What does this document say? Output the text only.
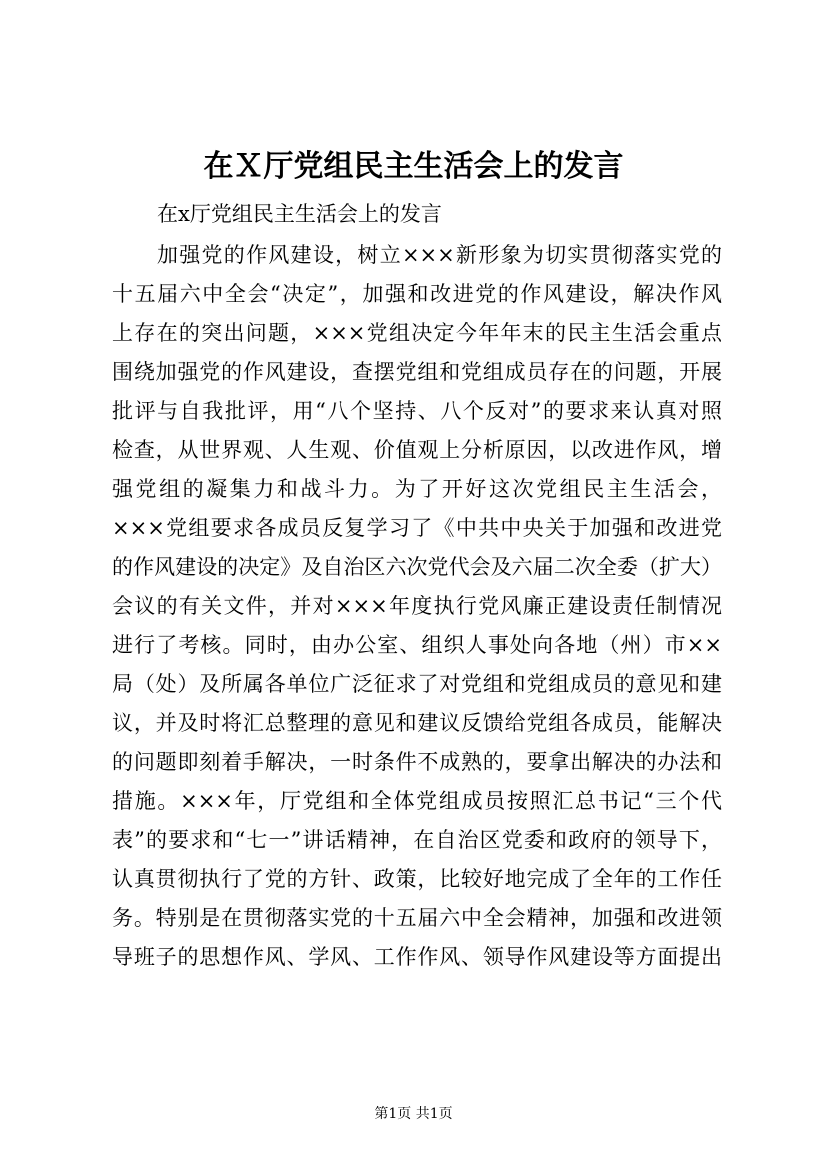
在Ｘ厅党组民主生活会上的发言

在x厅党组民主生活会上的发言

加强党的作风建设，树立×××新形象为切实贯彻落实党的
十五届六中全会“决定”，加强和改进党的作风建设，解决作风
上存在的突出问题，×××党组决定今年年末的民主生活会重点
围绕加强党的作风建设，查摆党组和党组成员存在的问题，开展
批评与自我批评，用“八个坚持、八个反对”的要求来认真对照
检查，从世界观、人生观、价值观上分析原因，以改进作风，增
强党组的凝集力和战斗力。为了开好这次党组民主生活会，
×××党组要求各成员反复学习了《中共中央关于加强和改进党
的作风建设的决定》及自治区六次党代会及六届二次全委（扩大）
会议的有关文件，并对×××年度执行党风廉正建设责任制情况
进行了考核。同时，由办公室、组织人事处向各地（州）市××
局（处）及所属各单位广泛征求了对党组和党组成员的意见和建
议，并及时将汇总整理的意见和建议反馈给党组各成员，能解决
的问题即刻着手解决，一时条件不成熟的，要拿出解决的办法和
措施。×××年，厅党组和全体党组成员按照汇总书记“三个代
表”的要求和“七一”讲话精神，在自治区党委和政府的领导下，
认真贯彻执行了党的方针、政策，比较好地完成了全年的工作任
务。特别是在贯彻落实党的十五届六中全会精神，加强和改进领
导班子的思想作风、学风、工作作风、领导作风建设等方面提出
第1页 共1页
